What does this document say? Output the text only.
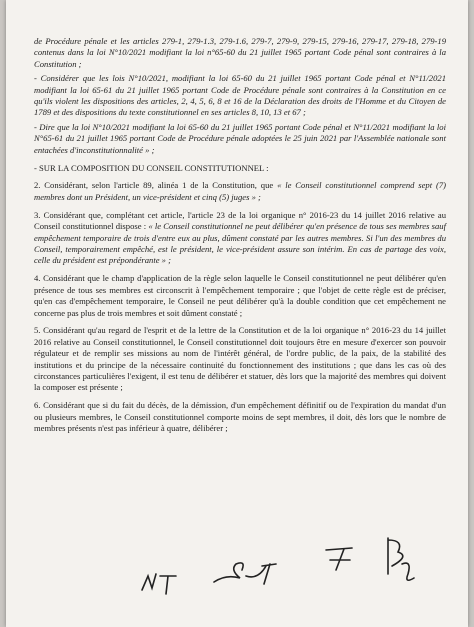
de Procédure pénale et les articles 279-1, 279-1.3, 279-1.6, 279-7, 279-9, 279-15, 279-16, 279-17, 279-18, 279-19 contenus dans la loi N°10/2021 modifiant la loi n°65-60 du 21 juillet 1965 portant Code pénal sont contraires à la Constitution ;

- Considérer que les lois N°10/2021, modifiant la loi 65-60 du 21 juillet 1965 portant Code pénal et N°11/2021 modifiant la loi 65-61 du 21 juillet 1965 portant Code de Procédure pénale sont contraires à la Constitution en ce qu'ils violent les dispositions des articles, 2, 4, 5, 6, 8 et 16 de la Déclaration des droits de l'Homme et du Citoyen de 1789 et des dispositions du texte constitutionnel en ses articles 8, 10, 13 et 67 ;

- Dire que la loi N°10/2021 modifiant la loi 65-60 du 21 juillet 1965 portant Code pénal et N°11/2021 modifiant la loi N°65-61 du 21 juillet 1965 portant Code de Procédure pénale adoptées le 25 juin 2021 par l'Assemblée nationale sont entachées d'inconstitutionnalité » ;

- SUR LA COMPOSITION DU CONSEIL CONSTITUTIONNEL :

2. Considérant, selon l'article 89, alinéa 1 de la Constitution, que « le Conseil constitutionnel comprend sept (7) membres dont un Président, un vice-président et cinq (5) juges » ;

3. Considérant que, complétant cet article, l'article 23 de la loi organique n° 2016-23 du 14 juillet 2016 relative au Conseil constitutionnel dispose : « le Conseil constitutionnel ne peut délibérer qu'en présence de tous ses membres sauf empêchement temporaire de trois d'entre eux au plus, dûment constaté par les autres membres. Si l'un des membres du Conseil, temporairement empêché, est le président, le vice-président assure son intérim. En cas de partage des voix, celle du président est prépondérante » ;

4. Considérant que le champ d'application de la règle selon laquelle le Conseil constitutionnel ne peut délibérer qu'en présence de tous ses membres est circonscrit à l'empêchement temporaire ; que l'objet de cette règle est de préciser, qu'en cas d'empêchement temporaire, le Conseil ne peut délibérer qu'à la double condition que cet empêchement ne concerne pas plus de trois membres et soit dûment constaté ;

5. Considérant qu'au regard de l'esprit et de la lettre de la Constitution et de la loi organique n° 2016-23 du 14 juillet 2016 relative au Conseil constitutionnel, le Conseil constitutionnel doit toujours être en mesure d'exercer son pouvoir régulateur et de remplir ses missions au nom de l'intérêt général, de l'ordre public, de la paix, de la stabilité des institutions et du principe de la nécessaire continuité du fonctionnement des institutions ; que dans les cas où des circonstances particulières l'exigent, il est tenu de délibérer et statuer, dès lors que la majorité des membres qui doivent la composer est présente ;

6. Considérant que si du fait du décès, de la démission, d'un empêchement définitif ou de l'expiration du mandat d'un ou plusieurs membres, le Conseil constitutionnel comporte moins de sept membres, il doit, dès lors que le nombre de membres présents n'est pas inférieur à quatre, délibérer ;
